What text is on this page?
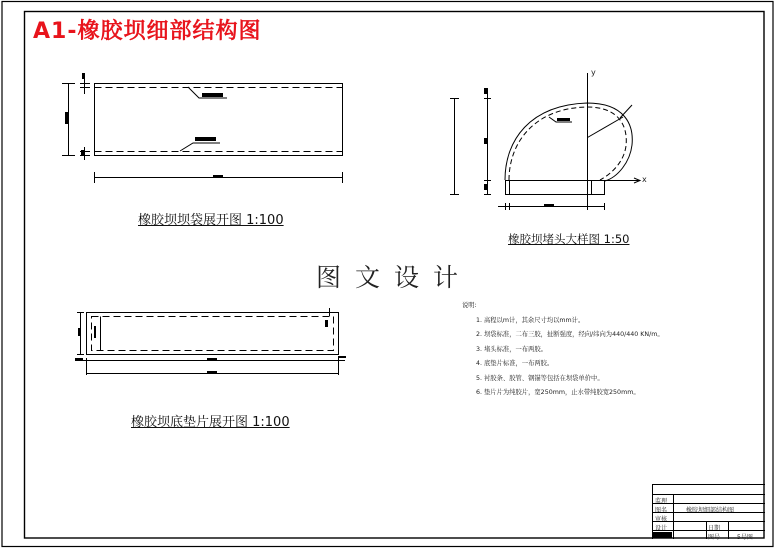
A1-橡胶坝细部结构图
y
x
橡胶坝坝袋展开图 1:100
橡胶坝堵头大样图 1:50
橡胶坝底垫片展开图 1:100
图文设计
说明:
1. 高程以m计，其余尺寸均以mm计。
2. 坝袋标准，二布三胶，扯断强度，经向/纬向为440/440 KN/m。
3. 堵头标准，一布两胶。
4. 底垫片标准，一布两胶。
5. 衬胶条、胶管、钢锚等包括在坝袋单价中。
6. 垫片片为纯胶片，宽250mm，止水带纯胶宽250mm。
监理
橡胶坝细部结构图
图名
审核
设计	日期
图号	5号图
